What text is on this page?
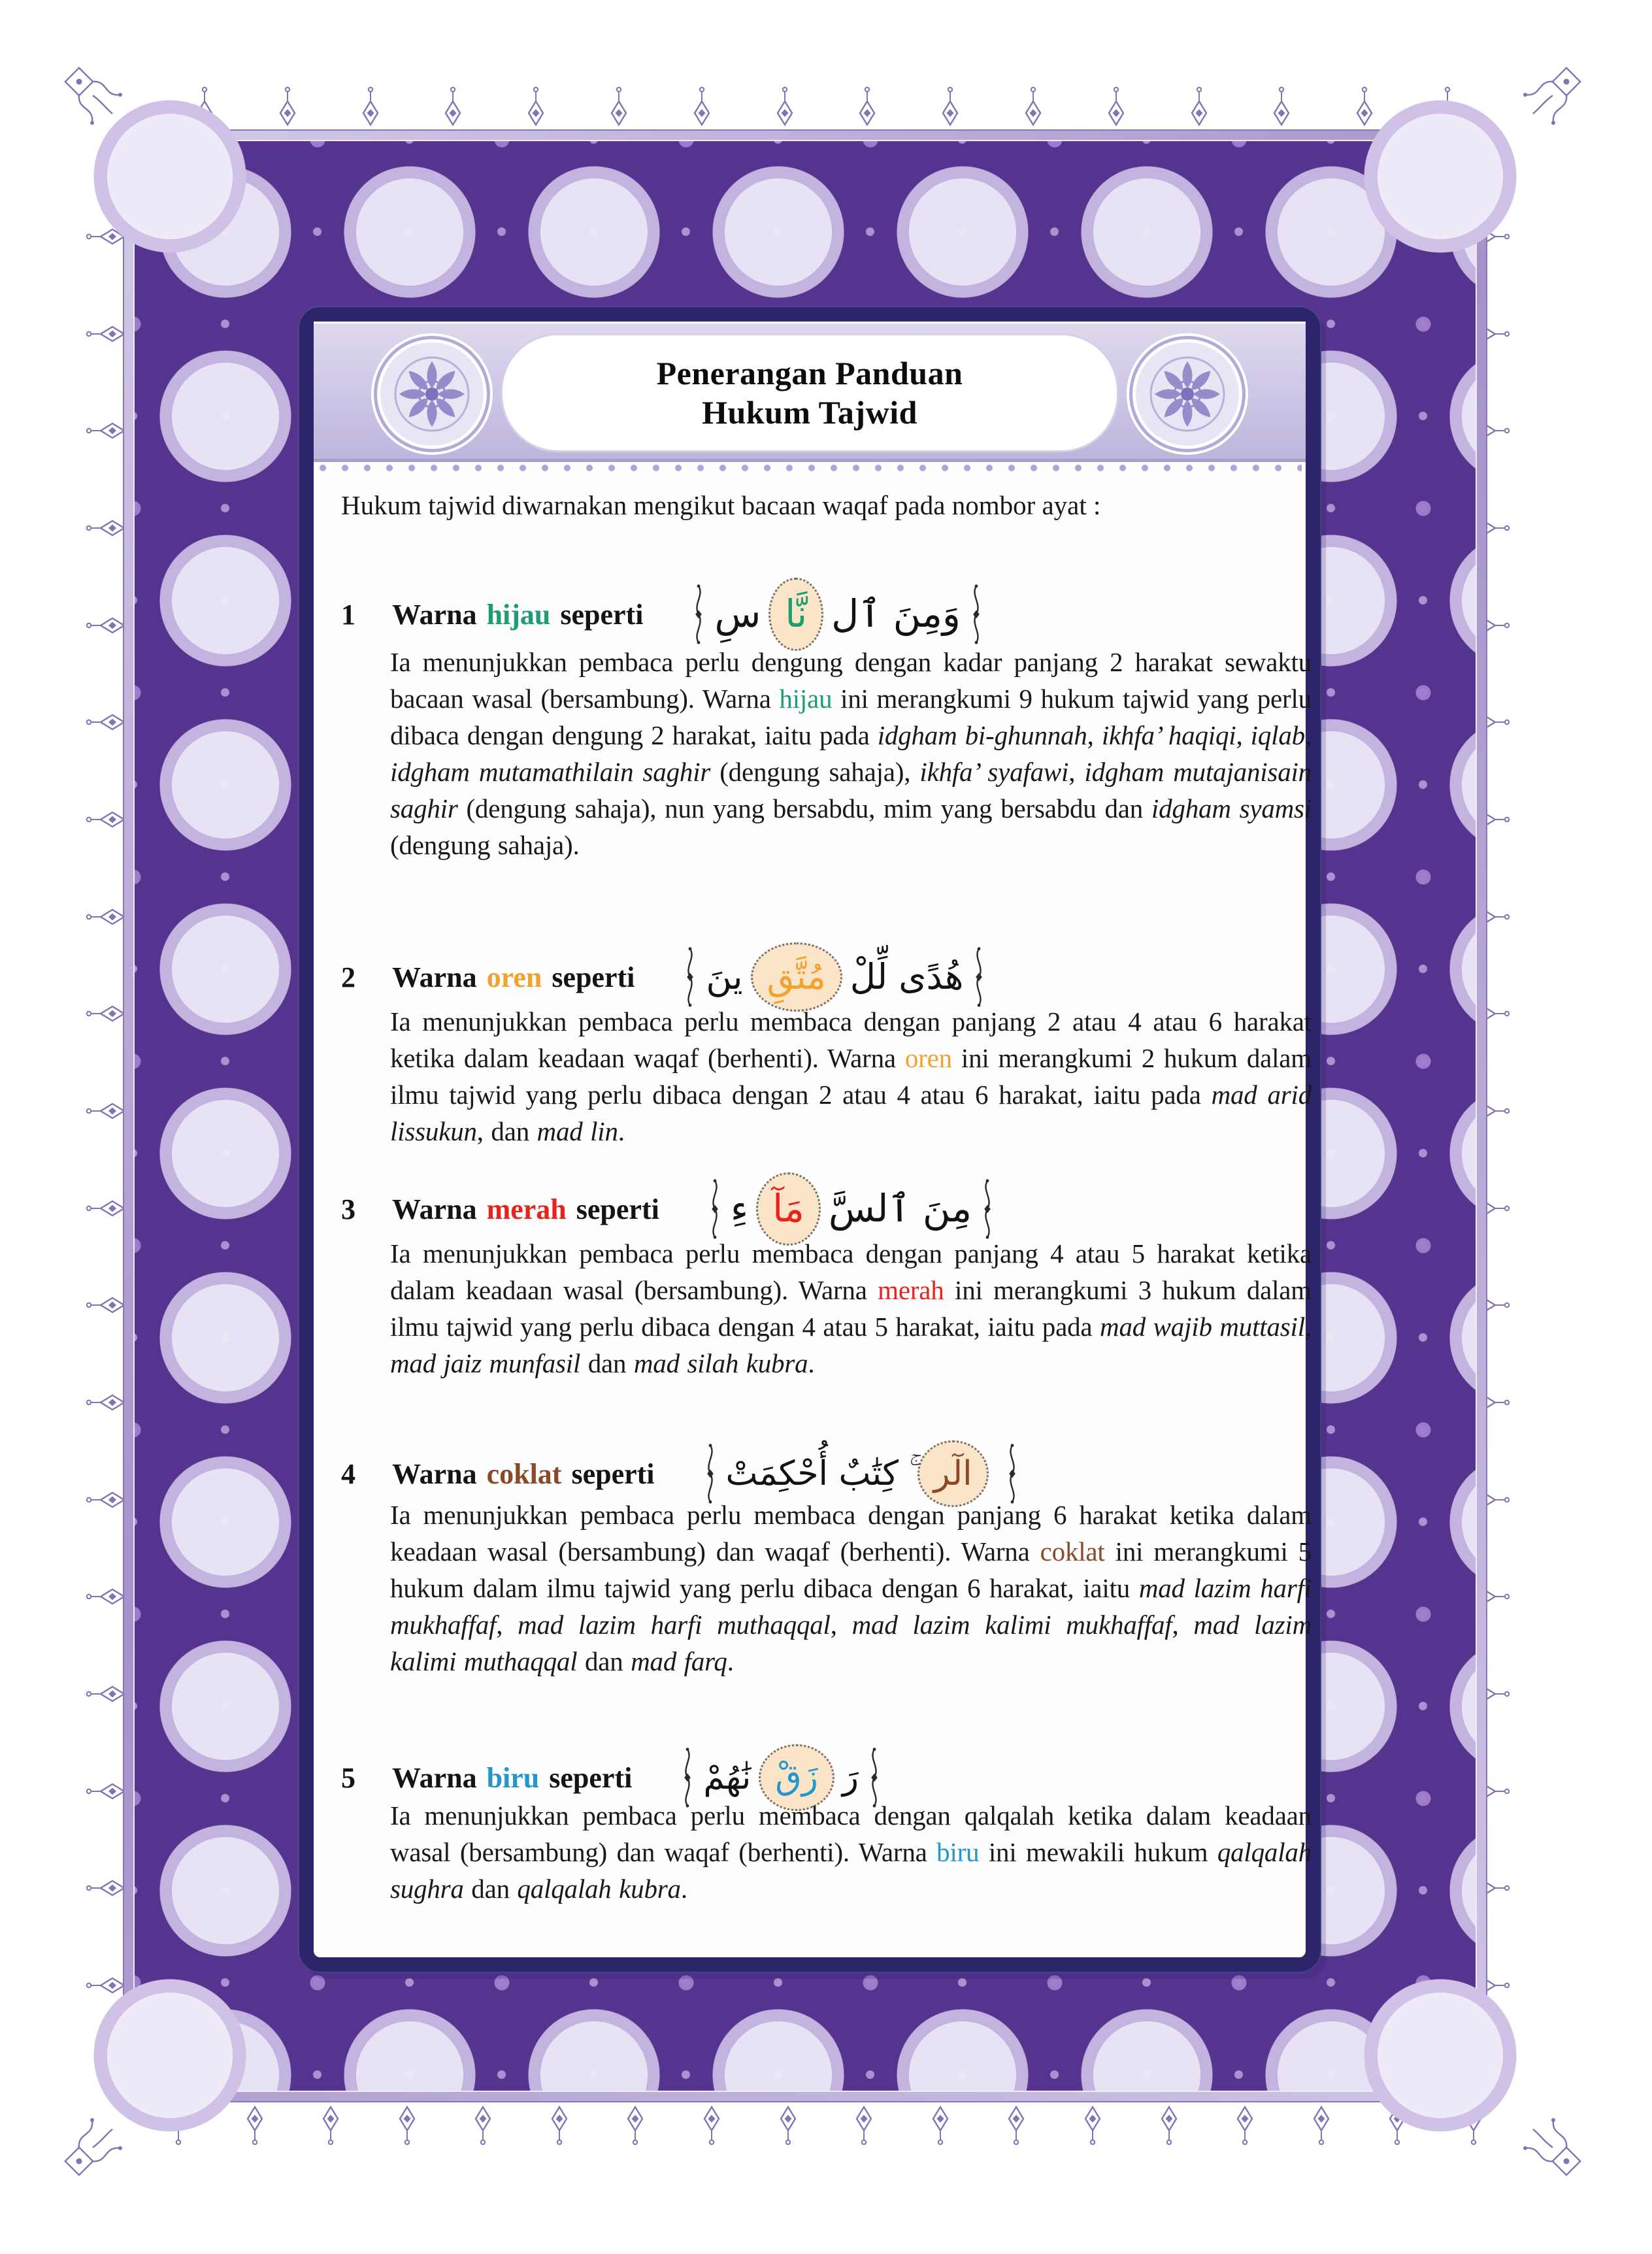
Penerangan Panduan
Hukum Tajwid
Hukum tajwid diwarnakan mengikut bacaan waqaf pada nombor ayat :
1	Warna hijau seperti	وَمِنَ ٱل
نَّا
سِ

Ia menunjukkan pembaca perlu dengung dengan kadar panjang 2 harakat sewaktu bacaan wasal (bersambung). Warna hijau ini merangkumi 9 hukum tajwid yang perlu dibaca dengan dengung 2 harakat, iaitu pada idgham bi-ghunnah, ikhfa’ haqiqi, iqlab, idgham mutamathilain saghir (dengung sahaja), ikhfa’ syafawi, idgham mutajanisain saghir (dengung sahaja), nun yang bersabdu, mim yang bersabdu dan idgham syamsi (dengung sahaja).

2	Warna oren seperti	هُدًى لِّلْ
مُتَّقِ
ينَ

Ia menunjukkan pembaca perlu membaca dengan panjang 2 atau 4 atau 6 harakat ketika dalam keadaan waqaf (berhenti). Warna oren ini merangkumi 2 hukum dalam ilmu tajwid yang perlu dibaca dengan 2 atau 4 atau 6 harakat, iaitu pada mad arid lissukun, dan mad lin.

3	Warna merah seperti	مِنَ ٱلسَّ
مَآ
ءِ

Ia menunjukkan pembaca perlu membaca dengan panjang 4 atau 5 harakat ketika dalam keadaan wasal (bersambung). Warna merah ini merangkumi 3 hukum dalam ilmu tajwid yang perlu dibaca dengan 4 atau 5 harakat, iaitu pada mad wajib muttasil, mad jaiz munfasil dan mad silah kubra.

4	Warna coklat seperti	الٓر
ۚ كِتَٰبٌ أُحْكِمَتْ

Ia menunjukkan pembaca perlu membaca dengan panjang 6 harakat ketika dalam keadaan wasal (bersambung) dan waqaf (berhenti). Warna coklat ini merangkumi 5 hukum dalam ilmu tajwid yang perlu dibaca dengan 6 harakat, iaitu mad lazim harfi mukhaffaf, mad lazim harfi muthaqqal, mad lazim kalimi mukhaffaf, mad lazim kalimi muthaqqal dan mad farq.

5	Warna biru seperti	رَ
زَقْ
نَٰهُمْ

Ia menunjukkan pembaca perlu membaca dengan qalqalah ketika dalam keadaan wasal (bersambung) dan waqaf (berhenti). Warna biru ini mewakili hukum qalqalah sughra dan qalqalah kubra.
